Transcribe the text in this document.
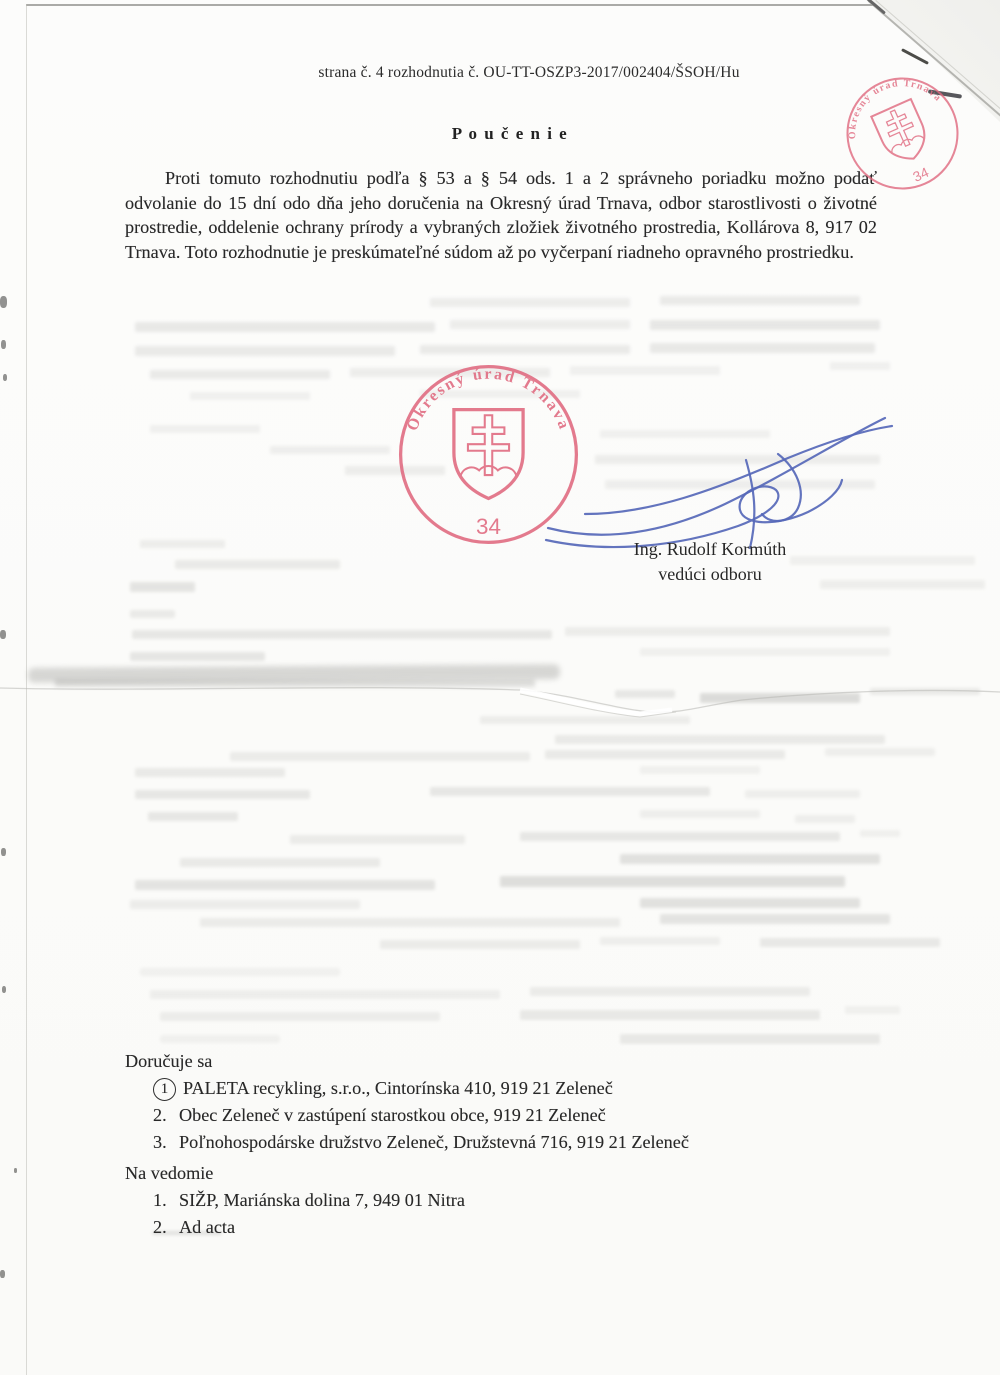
strana č. 4 rozhodnutia č. OU-TT-OSZP3-2017/002404/ŠSOH/Hu
P o u č e n i e

Proti tomuto rozhodnutiu podľa § 53 a § 54 ods. 1 a 2 správneho poriadku možno podať odvolanie do 15 dní odo dňa jeho doručenia na Okresný úrad Trnava, odbor starostlivosti o životné prostredie, oddelenie ochrany prírody a vybraných zložiek životného prostredia, Kollárova 8, 917 02 Trnava. Toto rozhodnutie je preskúmateľné súdom až po vyčerpaní riadneho opravného prostriedku.

Okresný úrad Trnava
34
Okresný úrad Trnava
34
Ing. Rudolf Kormúth
vedúci odboru
Doručuje sa
1 PALETA recykling, s.r.o., Cintorínska 410, 919 21 Zeleneč
2. Obec Zeleneč v zastúpení starostkou obce, 919 21 Zeleneč
3. Poľnohospodárske družstvo Zeleneč, Družstevná 716, 919 21 Zeleneč
Na vedomie
1. SIŽP, Mariánska dolina 7, 949 01 Nitra
2. Ad acta
